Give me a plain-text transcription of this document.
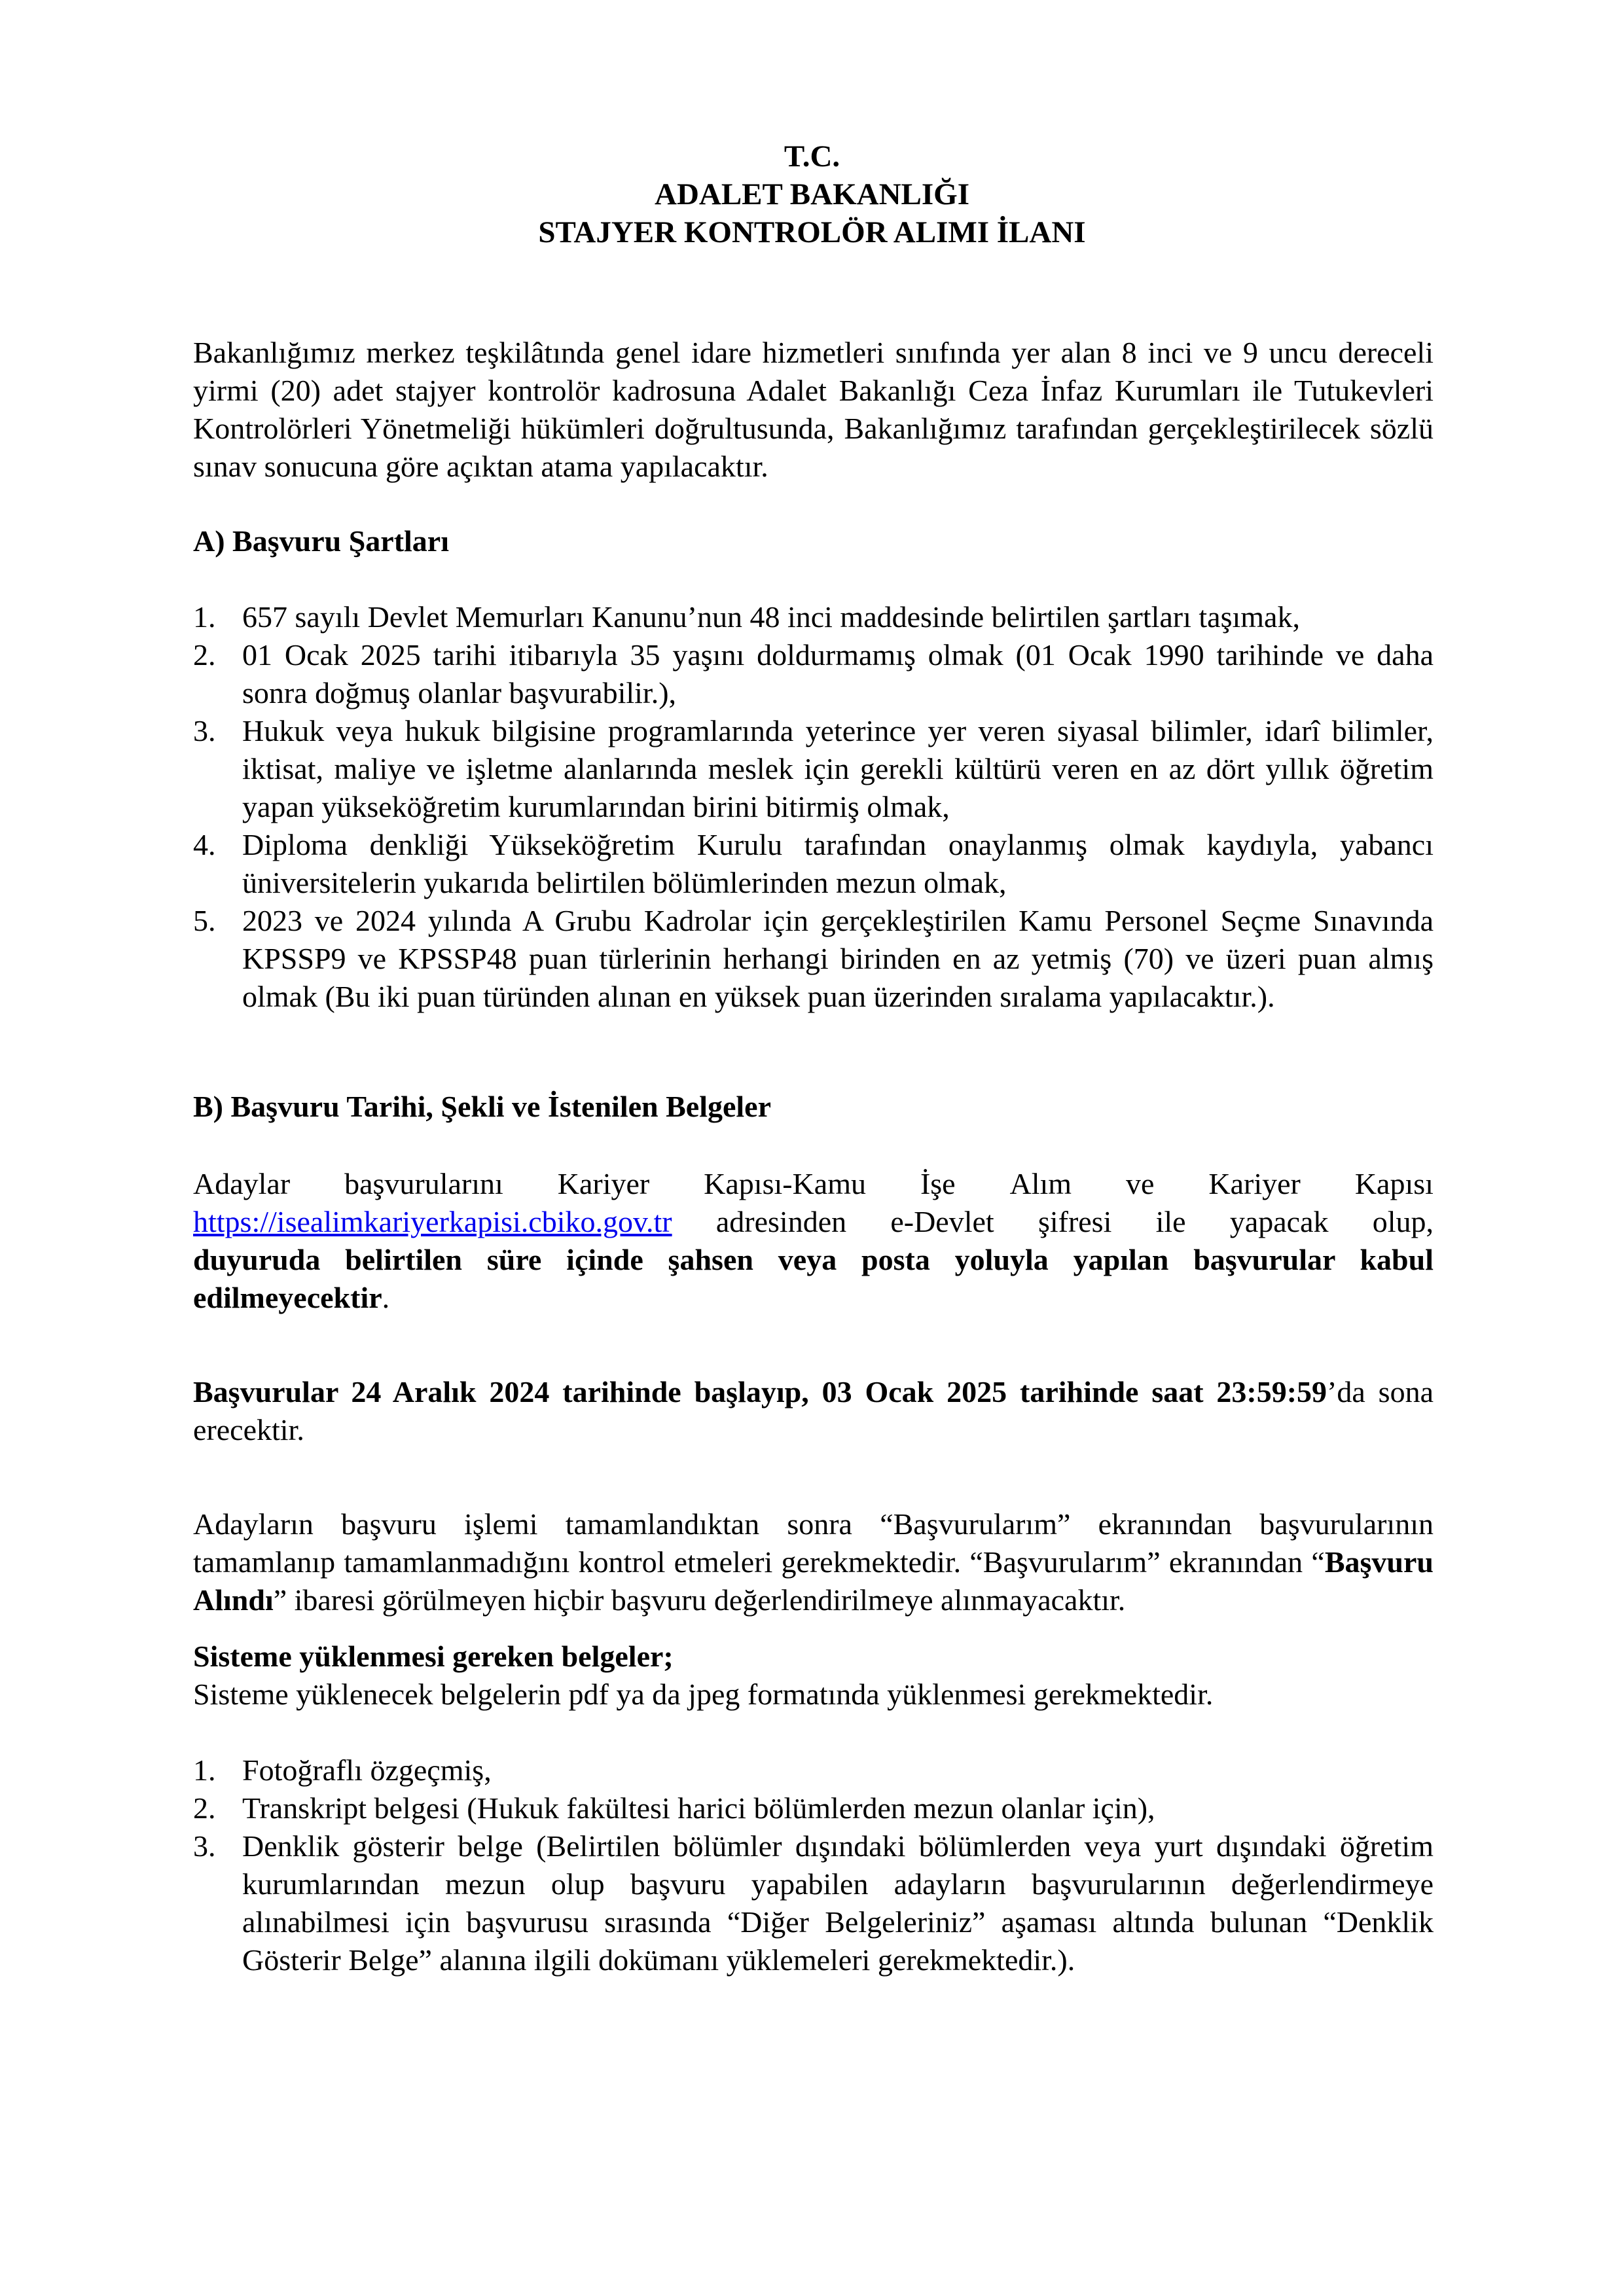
T.C.
ADALET BAKANLIĞI
STAJYER KONTROLÖR ALIMI İLANI
Bakanlığımız merkez teşkilâtında genel idare hizmetleri sınıfında yer alan 8 inci ve 9 uncu dereceli yirmi (20) adet stajyer kontrolör kadrosuna Adalet Bakanlığı Ceza İnfaz Kurumları ile Tutukevleri Kontrolörleri Yönetmeliği hükümleri doğrultusunda, Bakanlığımız tarafından gerçekleştirilecek sözlü sınav sonucuna göre açıktan atama yapılacaktır.
A) Başvuru Şartları
1. 657 sayılı Devlet Memurları Kanunu’nun 48 inci maddesinde belirtilen şartları taşımak,
2. 01 Ocak 2025 tarihi itibarıyla 35 yaşını doldurmamış olmak (01 Ocak 1990 tarihinde ve daha sonra doğmuş olanlar başvurabilir.),
3. Hukuk veya hukuk bilgisine programlarında yeterince yer veren siyasal bilimler, idarî bilimler, iktisat, maliye ve işletme alanlarında meslek için gerekli kültürü veren en az dört yıllık öğretim yapan yükseköğretim kurumlarından birini bitirmiş olmak,
4. Diploma denkliği Yükseköğretim Kurulu tarafından onaylanmış olmak kaydıyla, yabancı üniversitelerin yukarıda belirtilen bölümlerinden mezun olmak,
5. 2023 ve 2024 yılında A Grubu Kadrolar için gerçekleştirilen Kamu Personel Seçme Sınavında KPSSP9 ve KPSSP48 puan türlerinin herhangi birinden en az yetmiş (70) ve üzeri puan almış olmak (Bu iki puan türünden alınan en yüksek puan üzerinden sıralama yapılacaktır.).
B) Başvuru Tarihi, Şekli ve İstenilen Belgeler
Adaylar başvurularını Kariyer Kapısı-Kamu İşe Alım ve Kariyer Kapısı
https://isealimkariyerkapisi.cbiko.gov.tr adresinden e-Devlet şifresi ile yapacak olup,
duyuruda belirtilen süre içinde şahsen veya posta yoluyla yapılan başvurular kabul edilmeyecektir.
Başvurular 24 Aralık 2024 tarihinde başlayıp, 03 Ocak 2025 tarihinde saat 23:59:59’da sona erecektir.
Adayların başvuru işlemi tamamlandıktan sonra “Başvurularım” ekranından başvurularının tamamlanıp tamamlanmadığını kontrol etmeleri gerekmektedir. “Başvurularım” ekranından “Başvuru Alındı” ibaresi görülmeyen hiçbir başvuru değerlendirilmeye alınmayacaktır.
Sisteme yüklenmesi gereken belgeler;
Sisteme yüklenecek belgelerin pdf ya da jpeg formatında yüklenmesi gerekmektedir.
1. Fotoğraflı özgeçmiş,
2. Transkript belgesi (Hukuk fakültesi harici bölümlerden mezun olanlar için),
3. Denklik gösterir belge (Belirtilen bölümler dışındaki bölümlerden veya yurt dışındaki öğretim kurumlarından mezun olup başvuru yapabilen adayların başvurularının değerlendirmeye alınabilmesi için başvurusu sırasında “Diğer Belgeleriniz” aşaması altında bulunan “Denklik Gösterir Belge” alanına ilgili dokümanı yüklemeleri gerekmektedir.).
